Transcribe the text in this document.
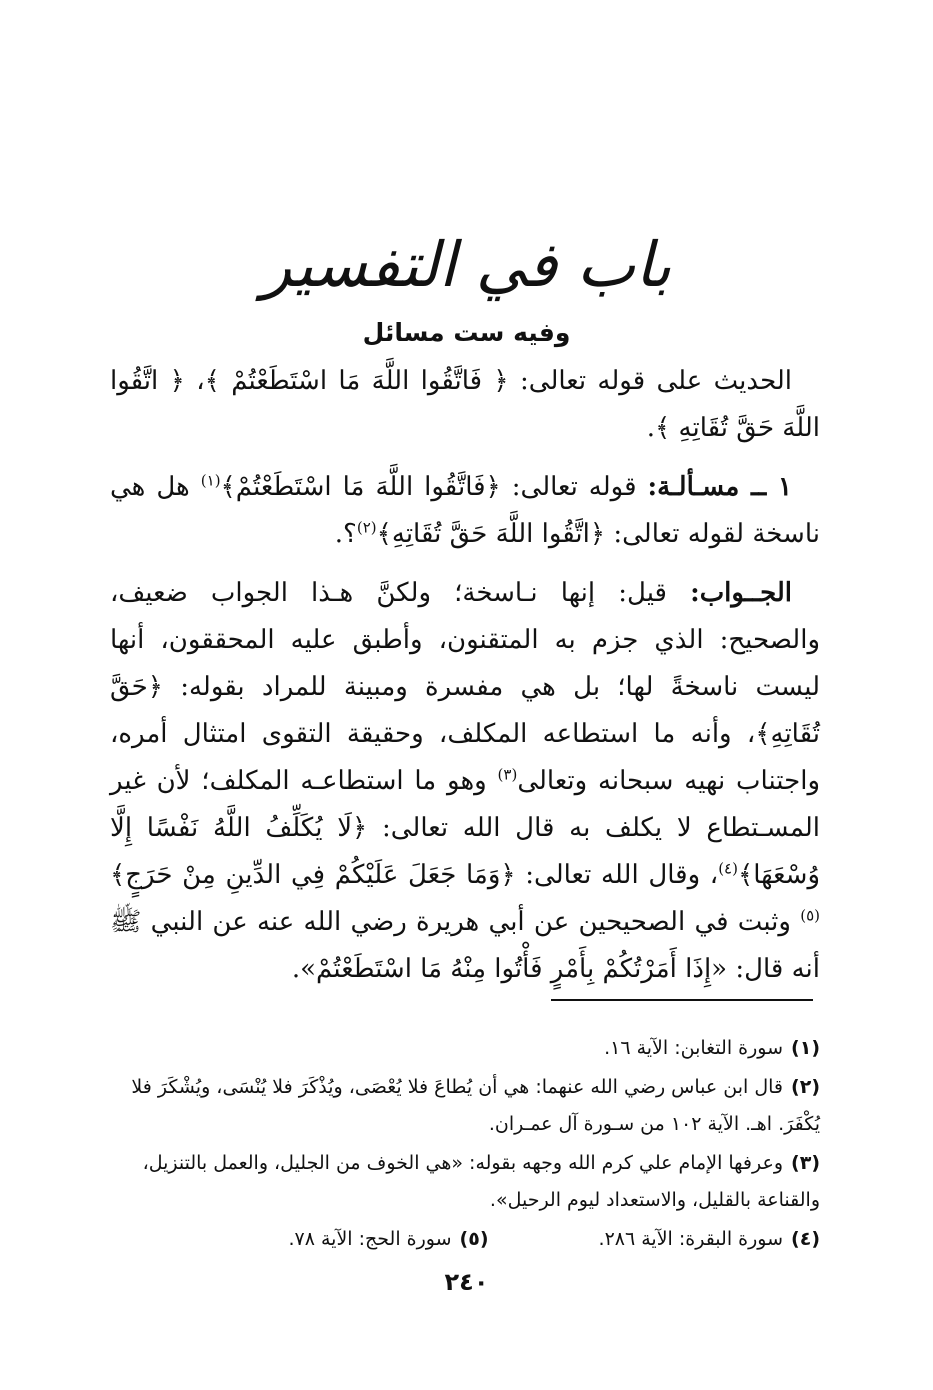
باب في التفسير
وفيه ست مسائل

الحديث على قوله تعالى: ﴿ فَاتَّقُوا اللَّهَ مَا اسْتَطَعْتُمْ ﴾، ﴿ اتَّقُوا اللَّهَ حَقَّ تُقَاتِهِ ﴾.

١ ــ مسـألـة: قوله تعالى: ﴿فَاتَّقُوا اللَّهَ مَا اسْتَطَعْتُمْ﴾$^{(١)}$ هل هي ناسخة لقوله تعالى: ﴿اتَّقُوا اللَّهَ حَقَّ تُقَاتِهِ﴾$^{(٢)}$؟.

الجــواب: قيل: إنها نـاسخة؛ ولكنَّ هـذا الجواب ضعيف، والصحيح: الذي جزم به المتقنون، وأطبق عليه المحققون، أنها ليست ناسخةً لها؛ بل هي مفسرة ومبينة للمراد بقوله: ﴿حَقَّ تُقَاتِهِ﴾، وأنه ما استطاعه المكلف، وحقيقة التقوى امتثال أمره، واجتناب نهيه سبحانه وتعالى$^{(٣)}$ وهو ما استطاعـه المكلف؛ لأن غير المسـتطاع لا يكلف به قال الله تعالى: ﴿لَا يُكَلِّفُ اللَّهُ نَفْسًا إِلَّا وُسْعَهَا﴾$^{(٤)}$، وقال الله تعالى: ﴿وَمَا جَعَلَ عَلَيْكُمْ فِي الدِّينِ مِنْ حَرَجٍ﴾$^{(٥)}$ وثبت في الصحيحين عن أبي هريرة رضي الله عنه عن النبي ﷺ أنه قال: «إِذَا أَمَرْتُكُمْ بِأَمْرٍ فَأْتُوا مِنْهُ مَا اسْتَطَعْتُمْ».

(١)سورة التغابن: الآية ١٦.
(٢)قال ابن عباس رضي الله عنهما: هي أن يُطاعَ فلا يُعْصَى، ويُذْكَرَ فلا يُنْسَى، ويُشْكَرَ فلا يُكْفَرَ. اهـ. الآية ١٠٢ من سـورة آل عمـران.
(٣)وعرفها الإمام علي كرم الله وجهه بقوله: «هي الخوف من الجليل، والعمل بالتنزيل، والقناعة بالقليل، والاستعداد ليوم الرحيل».
(٤)سورة البقرة: الآية ٢٨٦.
(٥)سورة الحج: الآية ٧٨.
٢٤٠
